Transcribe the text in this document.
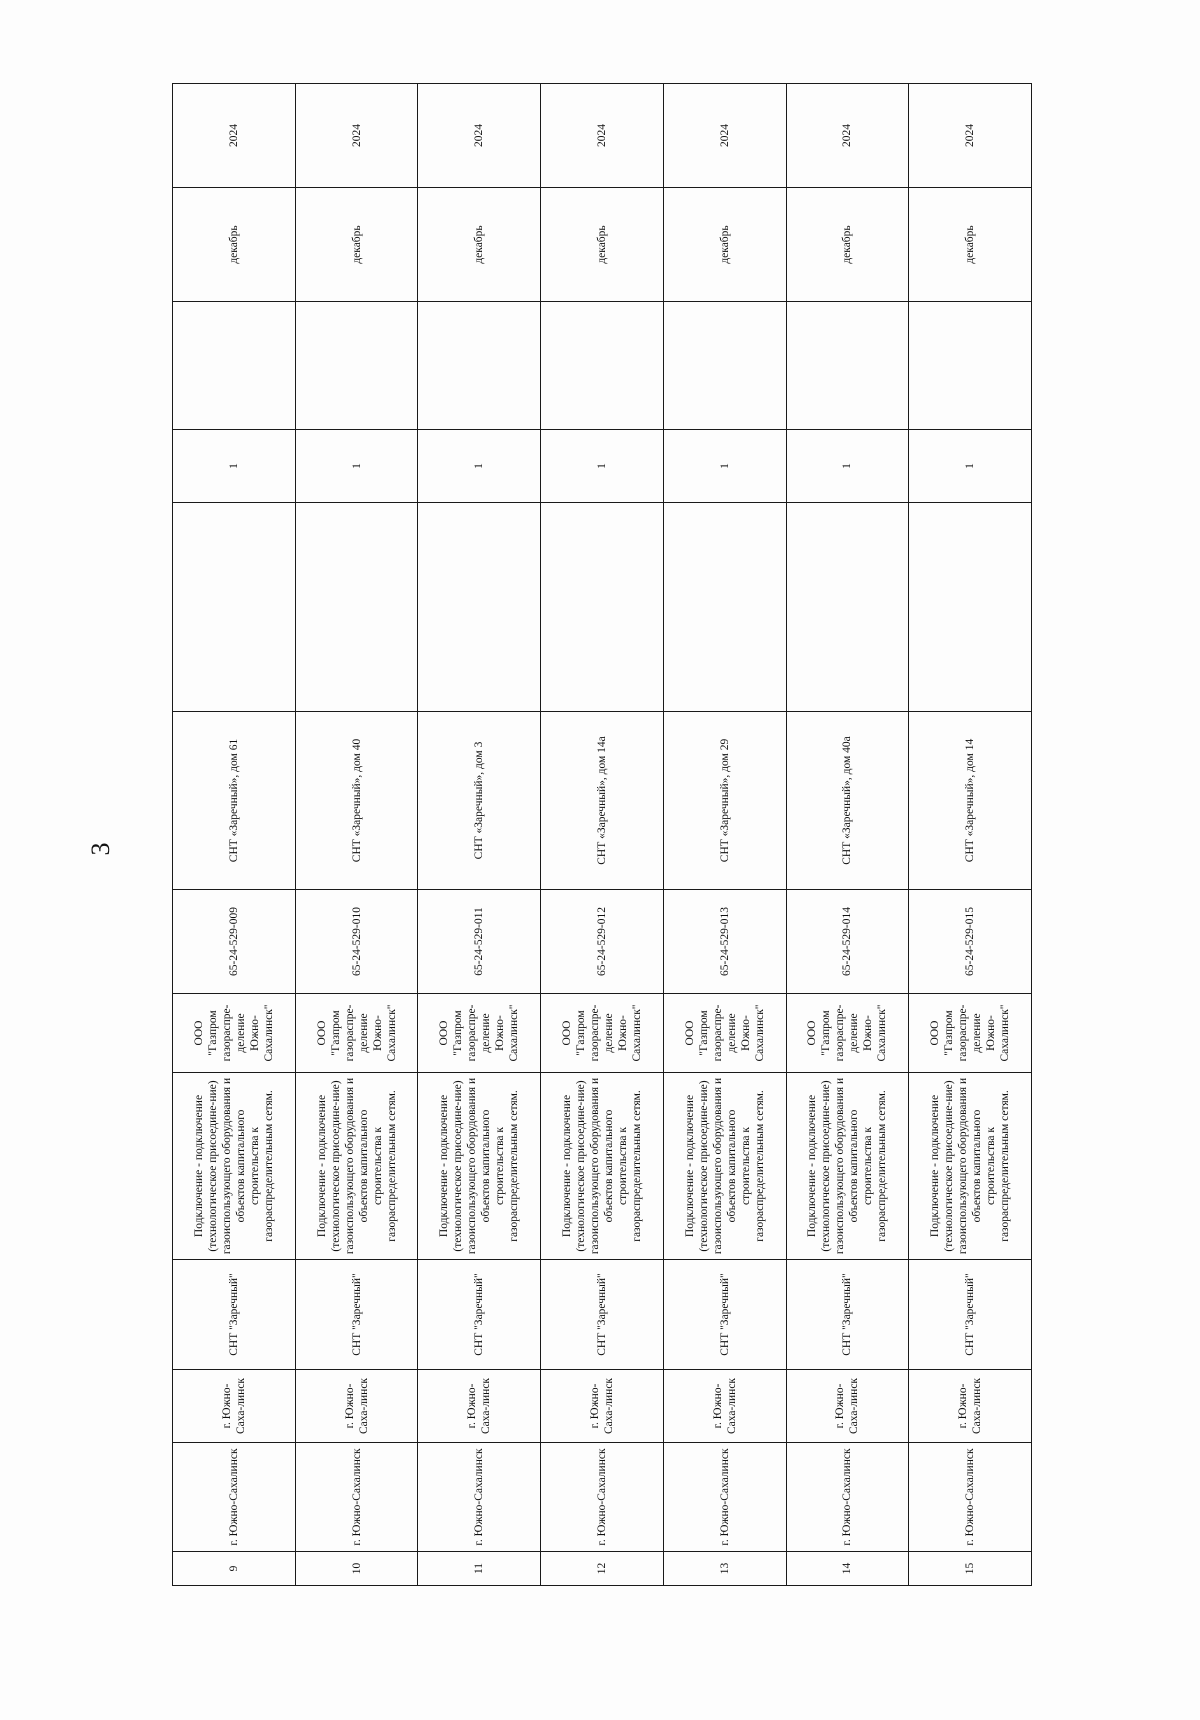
3
9	г. Южно-Сахалинск	г. Южно-Саха-линск	СНТ "Заречный"	Подключение - подключение (технологическое присоедине-ние) газоиспользующего оборудования и объектов капитального строительства к газораспределительным сетям.	ООО "Газпром газораспре-деление Южно-Сахалинск"	65-24-529-009	СНТ «Заречный», дом 61		1		декабрь	2024
10	г. Южно-Сахалинск	г. Южно-Саха-линск	СНТ "Заречный"	Подключение - подключение (технологическое присоедине-ние) газоиспользующего оборудования и объектов капитального строительства к газораспределительным сетям.	ООО "Газпром газораспре-деление Южно-Сахалинск"	65-24-529-010	СНТ «Заречный», дом 40		1		декабрь	2024
11	г. Южно-Сахалинск	г. Южно-Саха-линск	СНТ "Заречный"	Подключение - подключение (технологическое присоедине-ние) газоиспользующего оборудования и объектов капитального строительства к газораспределительным сетям.	ООО "Газпром газораспре-деление Южно-Сахалинск"	65-24-529-011	СНТ «Заречный», дом 3		1		декабрь	2024
12	г. Южно-Сахалинск	г. Южно-Саха-линск	СНТ "Заречный"	Подключение - подключение (технологическое присоедине-ние) газоиспользующего оборудования и объектов капитального строительства к газораспределительным сетям.	ООО "Газпром газораспре-деление Южно-Сахалинск"	65-24-529-012	СНТ «Заречный», дом 14а		1		декабрь	2024
13	г. Южно-Сахалинск	г. Южно-Саха-линск	СНТ "Заречный"	Подключение - подключение (технологическое присоедине-ние) газоиспользующего оборудования и объектов капитального строительства к газораспределительным сетям.	ООО "Газпром газораспре-деление Южно-Сахалинск"	65-24-529-013	СНТ «Заречный», дом 29		1		декабрь	2024
14	г. Южно-Сахалинск	г. Южно-Саха-линск	СНТ "Заречный"	Подключение - подключение (технологическое присоедине-ние) газоиспользующего оборудования и объектов капитального строительства к газораспределительным сетям.	ООО "Газпром газораспре-деление Южно-Сахалинск"	65-24-529-014	СНТ «Заречный», дом 40а		1		декабрь	2024
15	г. Южно-Сахалинск	г. Южно-Саха-линск	СНТ "Заречный"	Подключение - подключение (технологическое присоедине-ние) газоиспользующего оборудования и объектов капитального строительства к газораспределительным сетям.	ООО "Газпром газораспре-деление Южно-Сахалинск"	65-24-529-015	СНТ «Заречный», дом 14		1		декабрь	2024
